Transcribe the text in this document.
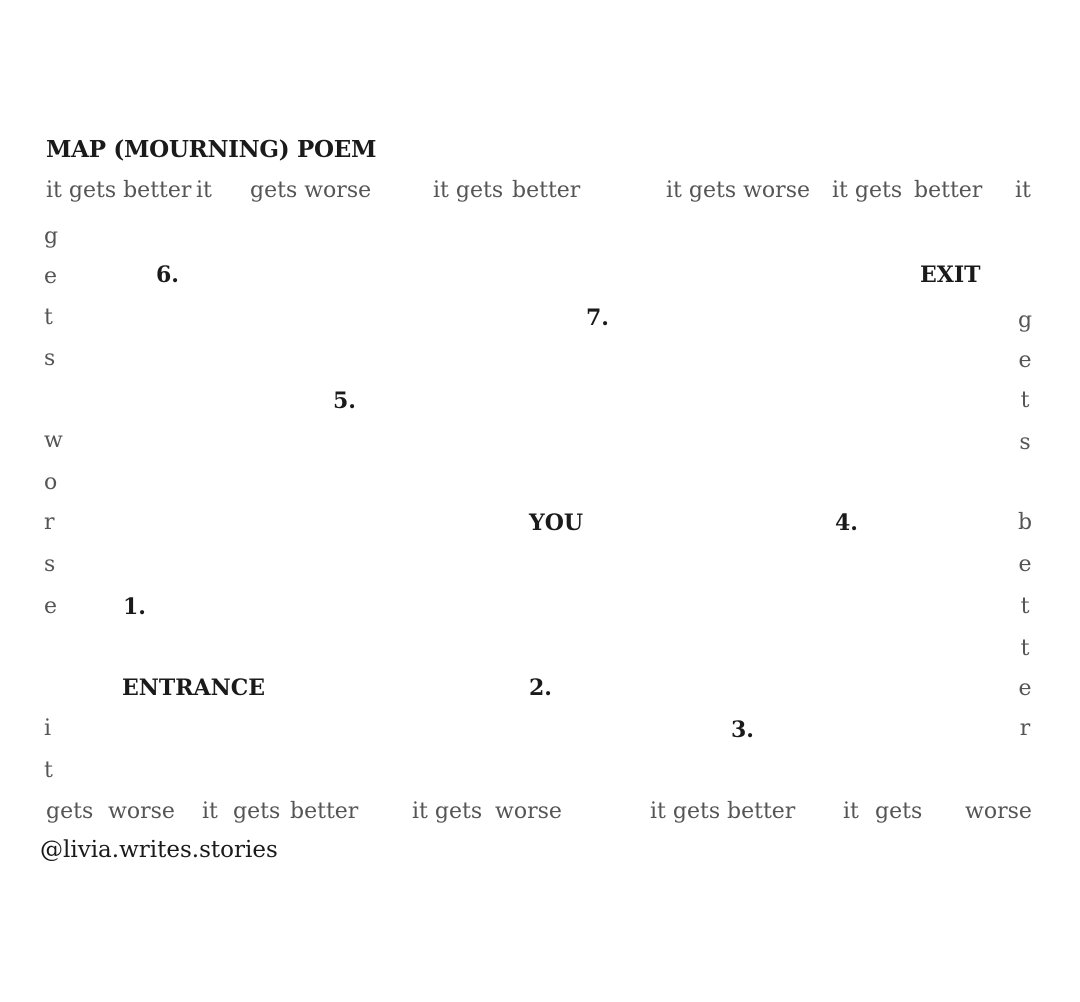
MAP (MOURNING) POEM
it gets better it gets worse	it gets better	it gets worse it gets better it
g
e
t
s
w
o
r
s
e
i
t
g
e
t
s
b
e
t
t
e
r
6.	EXIT
7.
5.
YOU	4.
1.
ENTRANCE	2.
3.
gets worse it gets better it gets worse	it gets better it gets worse
@livia.writes.stories
